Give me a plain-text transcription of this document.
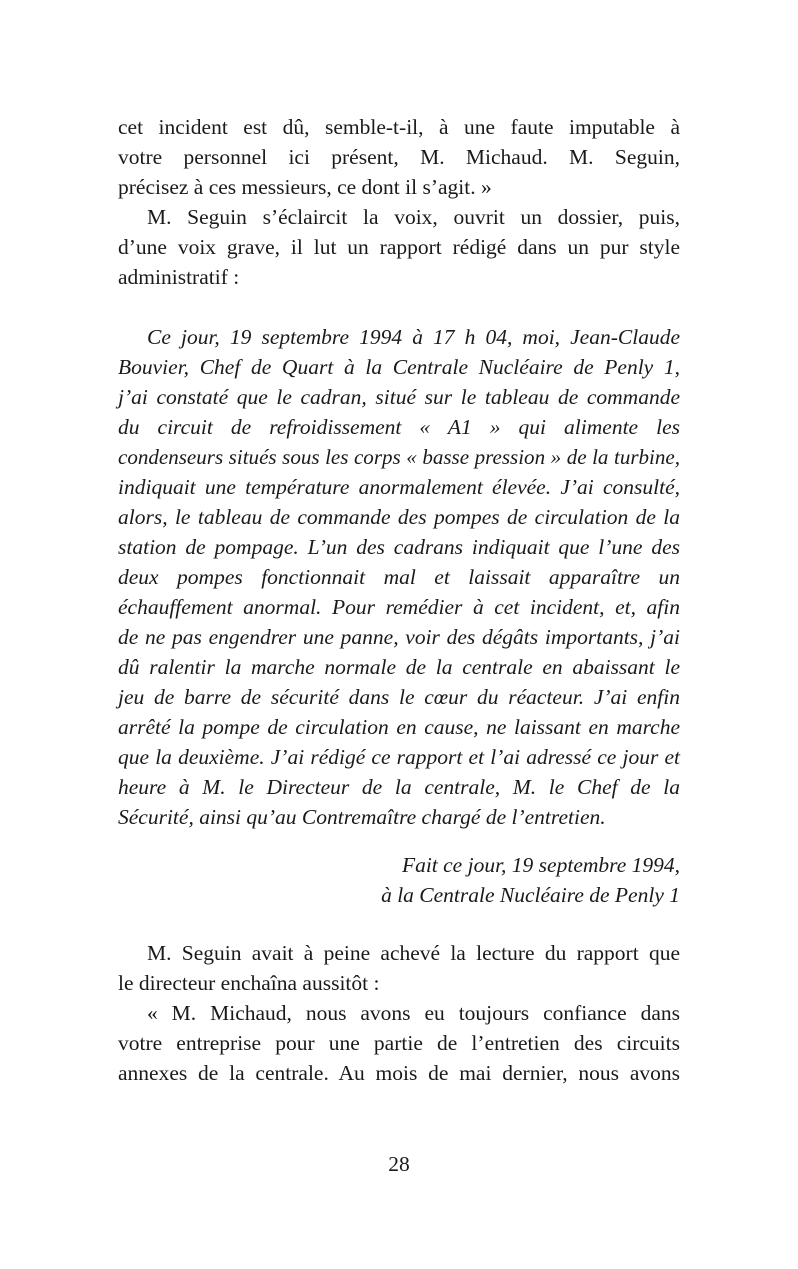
cet incident est dû, semble-t-il, à une faute imputable à
votre personnel ici présent, M. Michaud. M. Seguin,
précisez à ces messieurs, ce dont il s’agit. »
M. Seguin s’éclaircit la voix, ouvrit un dossier, puis,
d’une voix grave, il lut un rapport rédigé dans un pur style
administratif :
Ce jour, 19 septembre 1994 à 17 h 04, moi, Jean-Claude
Bouvier, Chef de Quart à la Centrale Nucléaire de Penly 1,
j’ai constaté que le cadran, situé sur le tableau de commande
du circuit de refroidissement « A1 » qui alimente les
condenseurs situés sous les corps « basse pression » de la turbine,
indiquait une température anormalement élevée. J’ai consulté,
alors, le tableau de commande des pompes de circulation de la
station de pompage. L’un des cadrans indiquait que l’une des
deux pompes fonctionnait mal et laissait apparaître un
échauffement anormal. Pour remédier à cet incident, et, afin
de ne pas engendrer une panne, voir des dégâts importants, j’ai
dû ralentir la marche normale de la centrale en abaissant le
jeu de barre de sécurité dans le cœur du réacteur. J’ai enfin
arrêté la pompe de circulation en cause, ne laissant en marche
que la deuxième. J’ai rédigé ce rapport et l’ai adressé ce jour et
heure à M. le Directeur de la centrale, M. le Chef de la
Sécurité, ainsi qu’au Contremaître chargé de l’entretien.
Fait ce jour, 19 septembre 1994,
à la Centrale Nucléaire de Penly 1
M. Seguin avait à peine achevé la lecture du rapport que
le directeur enchaîna aussitôt :
« M. Michaud, nous avons eu toujours confiance dans
votre entreprise pour une partie de l’entretien des circuits
annexes de la centrale. Au mois de mai dernier, nous avons
28
